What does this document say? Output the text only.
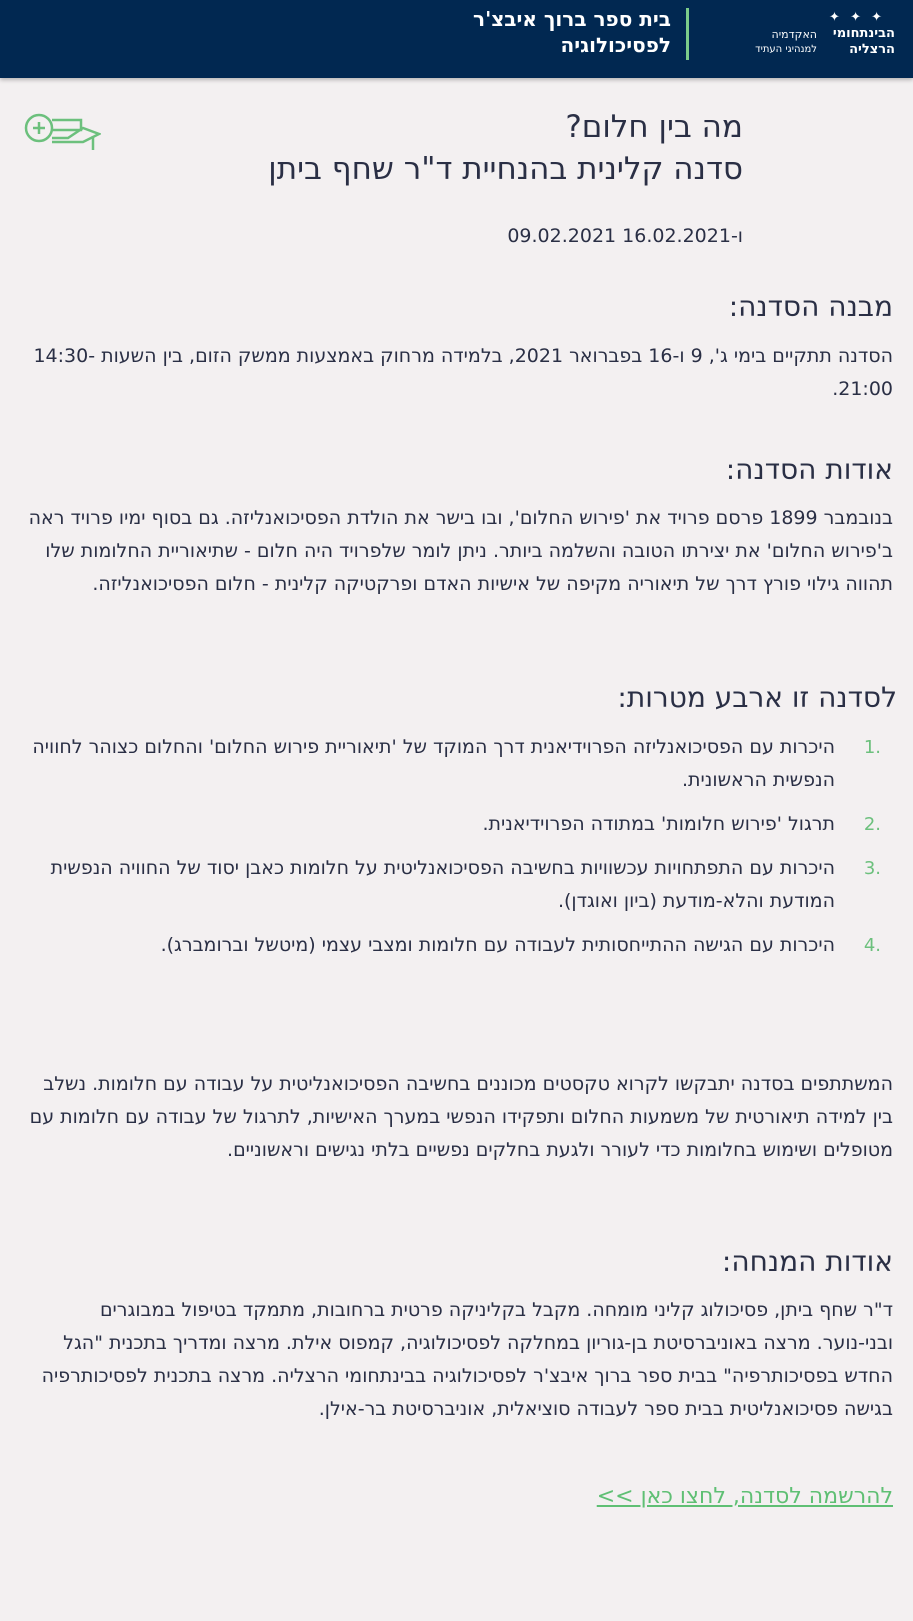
✦ ✦ ✦
הבינתחומי
הרצליה
האקדמיה
למנהיגי העתיד
בית ספר ברוך איבצ'ר
לפסיכולוגיה
מה בין חלום?
סדנה קלינית בהנחיית ד"ר שחף ביתן
09.02.2021 ו-16.02.2021
מבנה הסדנה:
הסדנה תתקיים בימי ג', 9 ו-16 בפברואר 2021, בלמידה מרחוק באמצעות ממשק הזום, בין השעות 14:30-21:00.
אודות הסדנה:
בנובמבר 1899 פרסם פרויד את 'פירוש החלום', ובו בישר את הולדת הפסיכואנליזה. גם בסוף ימיו פרויד ראה ב'פירוש החלום' את יצירתו הטובה והשלמה ביותר. ניתן לומר שלפרויד היה חלום - שתיאוריית החלומות שלו תהווה גילוי פורץ דרך של תיאוריה מקיפה של אישיות האדם ופרקטיקה קלינית - חלום הפסיכואנליזה.
לסדנה זו ארבע מטרות:
1.
היכרות עם הפסיכואנליזה הפרוידיאנית דרך המוקד של 'תיאוריית פירוש החלום' והחלום כצוהר לחוויה הנפשית הראשונית.
2.
תרגול 'פירוש חלומות' במתודה הפרוידיאנית.
3.
היכרות עם התפתחויות עכשוויות בחשיבה הפסיכואנליטית על חלומות כאבן יסוד של החוויה הנפשית המודעת והלא-מודעת (ביון ואוגדן).
4.
היכרות עם הגישה ההתייחסותית לעבודה עם חלומות ומצבי עצמי (מיטשל וברומברג).
המשתתפים בסדנה יתבקשו לקרוא טקסטים מכוננים בחשיבה הפסיכואנליטית על עבודה עם חלומות. נשלב בין למידה תיאורטית של משמעות החלום ותפקידו הנפשי במערך האישיות, לתרגול של עבודה עם חלומות עם מטופלים ושימוש בחלומות כדי לעורר ולגעת בחלקים נפשיים בלתי נגישים וראשוניים.
אודות המנחה:
ד"ר שחף ביתן, פסיכולוג קליני מומחה. מקבל בקליניקה פרטית ברחובות, מתמקד בטיפול במבוגרים ובני-נוער. מרצה באוניברסיטת בן-גוריון במחלקה לפסיכולוגיה, קמפוס אילת. מרצה ומדריך בתכנית "הגל החדש בפסיכותרפיה" בבית ספר ברוך איבצ'ר לפסיכולוגיה בבינתחומי הרצליה. מרצה בתכנית לפסיכותרפיה בגישה פסיכואנליטית בבית ספר לעבודה סוציאלית, אוניברסיטת בר-אילן.
להרשמה לסדנה, לחצו כאן >>
